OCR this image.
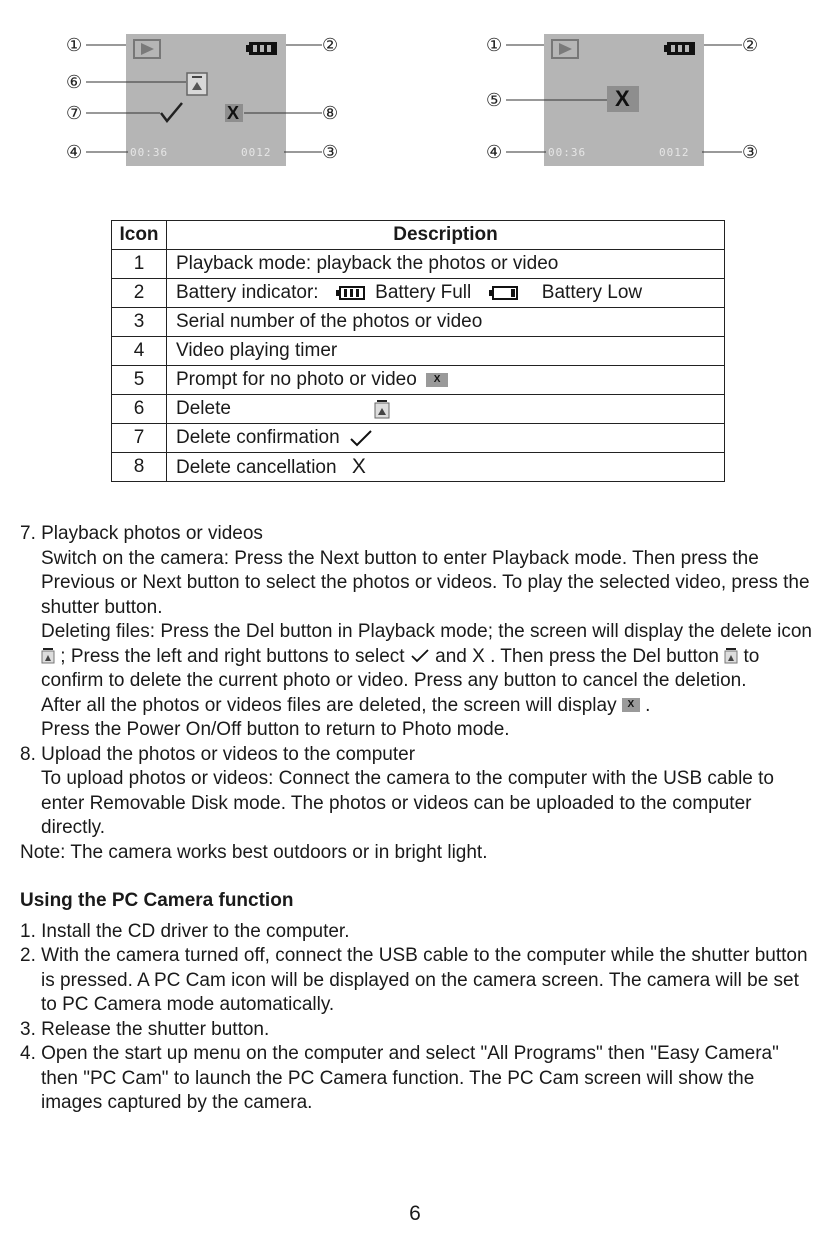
①	②
③
④
⑥
⑦	⑧
00:36	0012
X
①	②
③
④
⑤
00:36	0012
X
Icon	Description
1	Playback mode: playback the photos or video
2	Battery indicator: Battery Full Battery Low
3	Serial number of the photos or video
4	Video playing timer
5	Prompt for no photo or video X
6	Delete
7	Delete confirmation
8	Delete cancellation X

7. Playback photos or videos

Switch on the camera: Press the Next button to enter Playback mode. Then press the Previous or Next button to select the photos or videos. To play the selected video, press the shutter button.

Deleting files: Press the Del button in Playback mode; the screen will display the delete icon  ; Press the left and right buttons to select and X . Then press the Del button to confirm to delete the current photo or video. Press any button to cancel the deletion.

After all the photos or videos files are deleted, the screen will display X .

Press the Power On/Off button to return to Photo mode.

8. Upload the photos or videos to the computer

To upload photos or videos: Connect the camera to the computer with the USB cable to enter Removable Disk mode. The photos or videos can be uploaded to the computer directly.

Note: The camera works best outdoors or in bright light.

Using the PC Camera function

1. Install the CD driver to the computer.

2. With the camera turned off, connect the USB cable to the computer while the shutter button is pressed. A PC Cam icon will be displayed on the camera screen. The camera will be set to PC Camera mode automatically.

3. Release the shutter button.

4. Open the start up menu on the computer and select "All Programs" then "Easy Camera" then "PC Cam" to launch the PC Camera function. The PC Cam screen will show the images captured by the camera.

6
